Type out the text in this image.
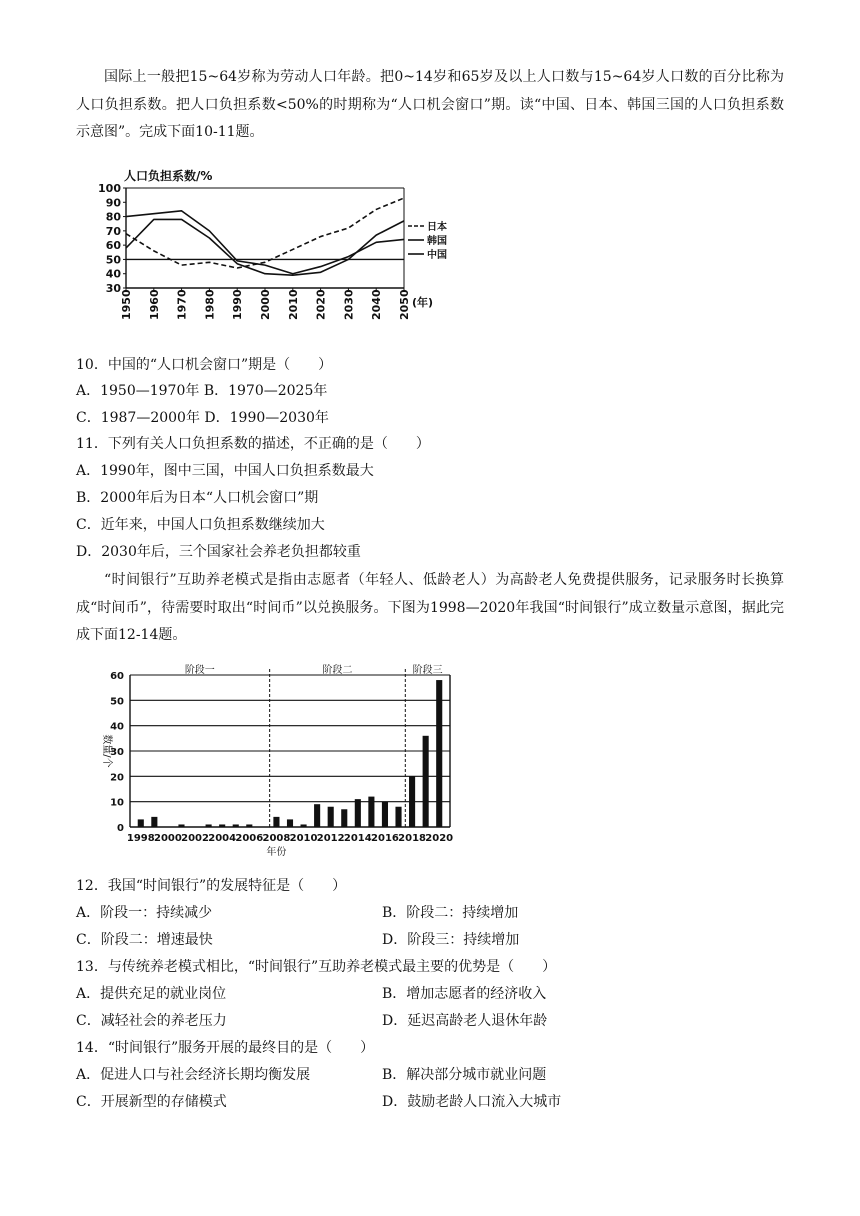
国际上一般把15~64岁称为劳动人口年龄。把0~14岁和65岁及以上人口数与15~64岁人口数的百分比称为人口负担系数。把人口负担系数<50%的时期称为“人口机会窗口”期。读“中国、日本、韩国三国的人口负担系数示意图”。完成下面10-11题。
人口负担系数/%
30
40
50
60
70
80
90
100
1950 1960 1970 1980 1990 2000 2010 2020 2030 2040 2050 (年)
日本
韩国
中国
10．中国的“人口机会窗口”期是（　　）
A．1950—1970年 B．1970—2025年
C．1987—2000年 D．1990—2030年
11．下列有关人口负担系数的描述，不正确的是（　　）
A．1990年，图中三国，中国人口负担系数最大
B．2000年后为日本“人口机会窗口”期
C．近年来，中国人口负担系数继续加大
D．2030年后，三个国家社会养老负担都较重
“时间银行”互助养老模式是指由志愿者（年轻人、低龄老人）为高龄老人免费提供服务，记录服务时长换算成“时间币”，待需要时取出“时间币”以兑换服务。下图为1998—2020年我国“时间银行”成立数量示意图，据此完成下面12-14题。
0
10
20
30
40
50
60
阶段一	阶段二	阶段三
1998 2000 2002 2004 2006 2008 2010 2012 2014 2016 2018 2020
年份
数量/个
12．我国“时间银行”的发展特征是（　　）
A．阶段一：持续减少	B．阶段二：持续增加
C．阶段二：增速最快	D．阶段三：持续增加
13．与传统养老模式相比，“时间银行”互助养老模式最主要的优势是（　　）
A．提供充足的就业岗位	B．增加志愿者的经济收入
C．减轻社会的养老压力	D．延迟高龄老人退休年龄
14．“时间银行”服务开展的最终目的是（　　）
A．促进人口与社会经济长期均衡发展	B．解决部分城市就业问题
C．开展新型的存储模式	D．鼓励老龄人口流入大城市
